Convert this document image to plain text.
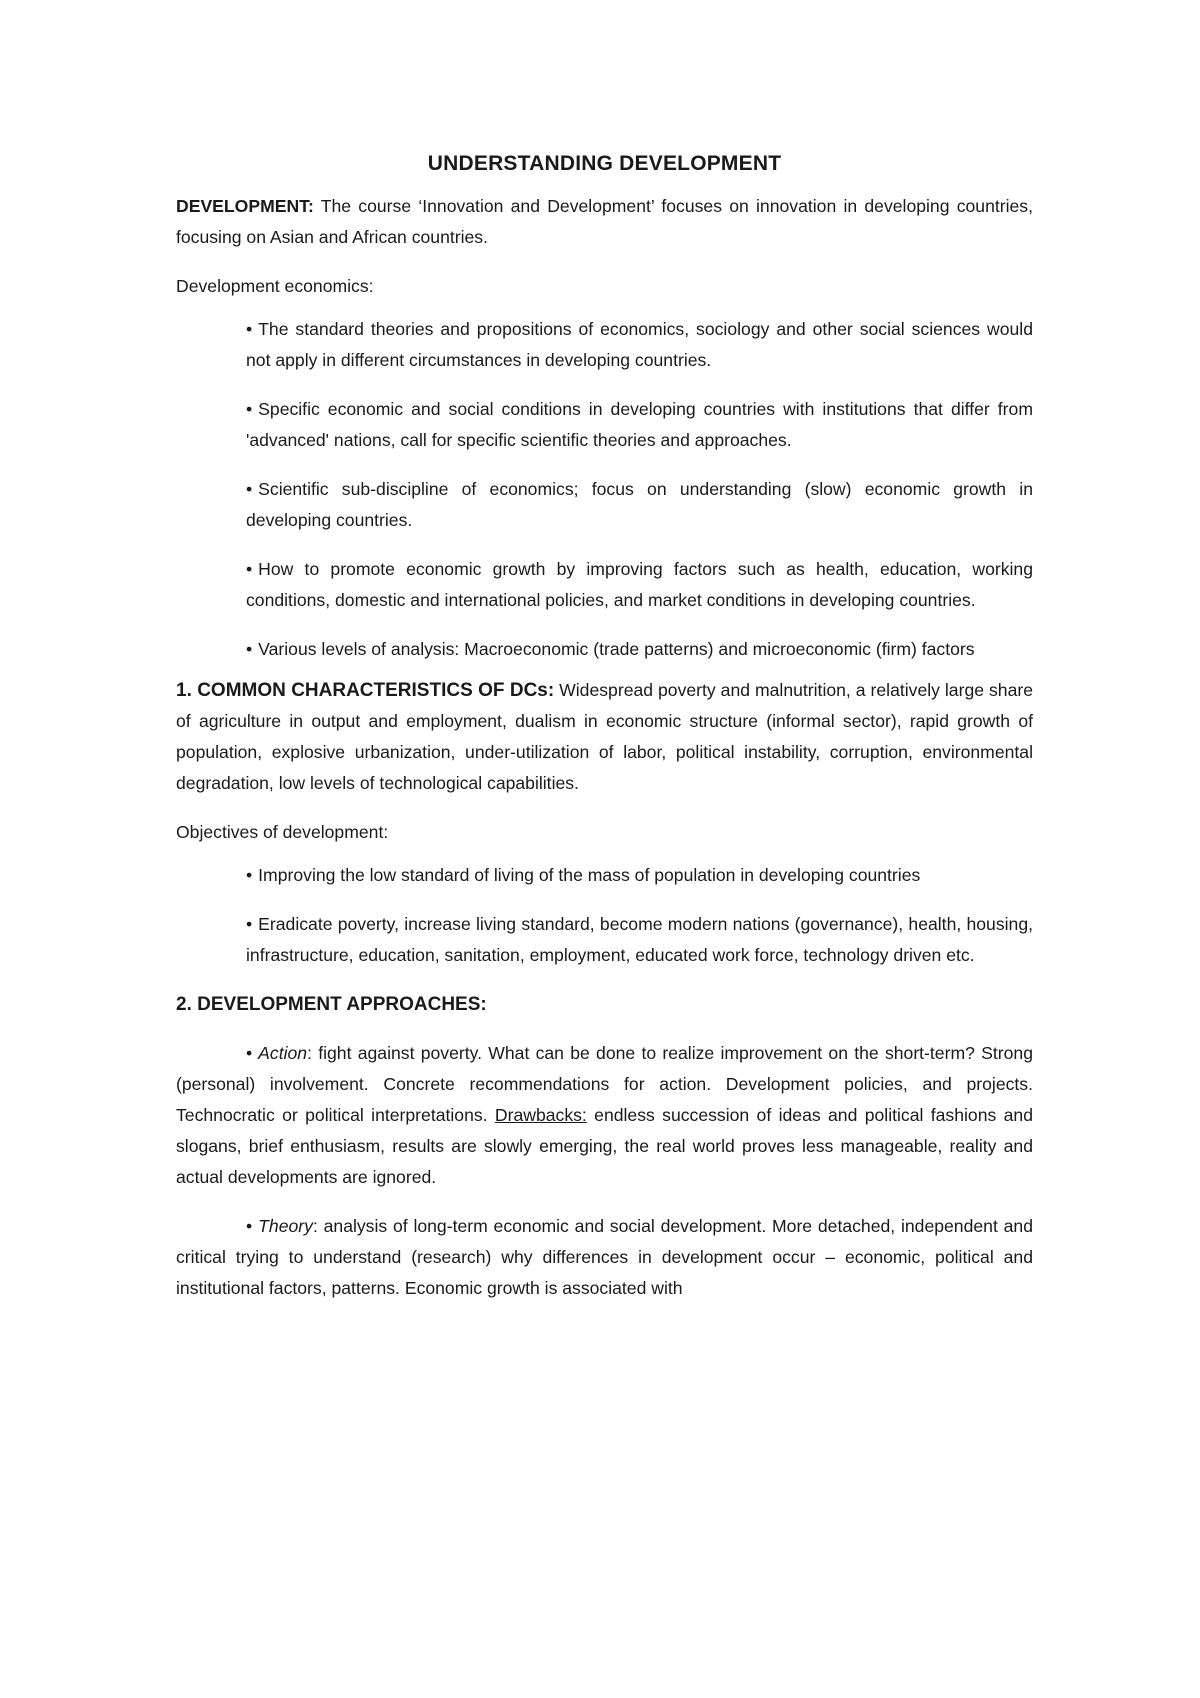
UNDERSTANDING DEVELOPMENT

DEVELOPMENT: The course ‘Innovation and Development’ focuses on innovation in developing countries, focusing on Asian and African countries.

Development economics:

• The standard theories and propositions of economics, sociology and other social sciences would not apply in different circumstances in developing countries.
• Specific economic and social conditions in developing countries with institutions that differ from 'advanced' nations, call for specific scientific theories and approaches.
• Scientific sub-discipline of economics; focus on understanding (slow) economic growth in developing countries.
• How to promote economic growth by improving factors such as health, education, working conditions, domestic and international policies, and market conditions in developing countries.
• Various levels of analysis: Macroeconomic (trade patterns) and microeconomic (firm) factors

1. COMMON CHARACTERISTICS OF DCs: Widespread poverty and malnutrition, a relatively large share of agriculture in output and employment, dualism in economic structure (informal sector), rapid growth of population, explosive urbanization, under-utilization of labor, political instability, corruption, environmental degradation, low levels of technological capabilities.

Objectives of development:

• Improving the low standard of living of the mass of population in developing countries
• Eradicate poverty, increase living standard, become modern nations (governance), health, housing, infrastructure, education, sanitation, employment, educated work force, technology driven etc.

2. DEVELOPMENT APPROACHES:

• Action: fight against poverty. What can be done to realize improvement on the short-term? Strong (personal) involvement. Concrete recommendations for action. Development policies, and projects. Technocratic or political interpretations. Drawbacks: endless succession of ideas and political fashions and slogans, brief enthusiasm, results are slowly emerging, the real world proves less manageable, reality and actual developments are ignored.

• Theory: analysis of long-term economic and social development. More detached, independent and critical trying to understand (research) why differences in development occur – economic, political and institutional factors, patterns. Economic growth is associated with
